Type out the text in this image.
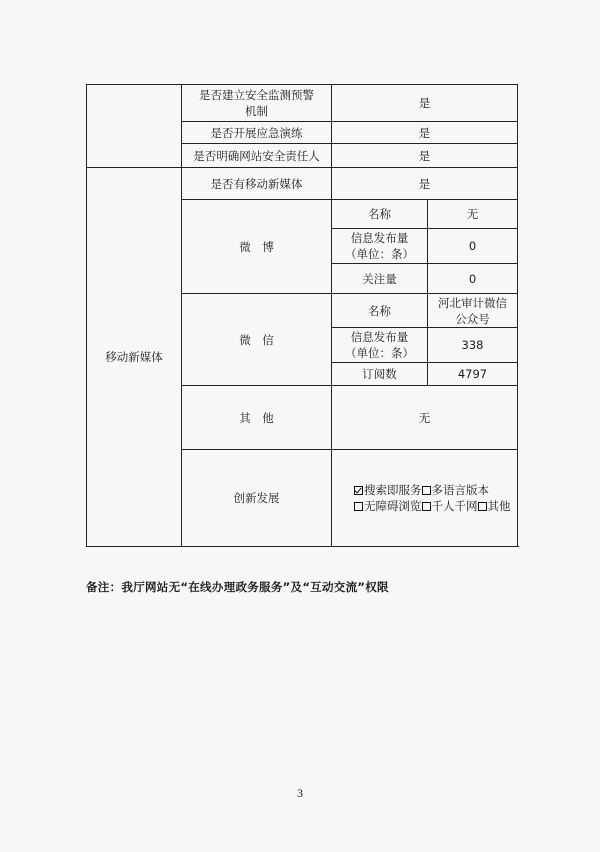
	是否建立安全监测预警
机制	是	
	是否开展应急演练	是	
	是否明确网站安全责任人	是	
移动新媒体	是否有移动新媒体	是	
	微　博	名称	无
		信息发布量
（单位：条）	0
		关注量	0
	微　信	名称	河北审计微信
公众号
		信息发布量
（单位：条）	338
		订阅数	4797
	其　他	无	
	创新发展	搜索即服务 多语言版本无障碍浏览 千人千网 其他	
备注：我厅网站无“在线办理政务服务”及“互动交流”权限
3
